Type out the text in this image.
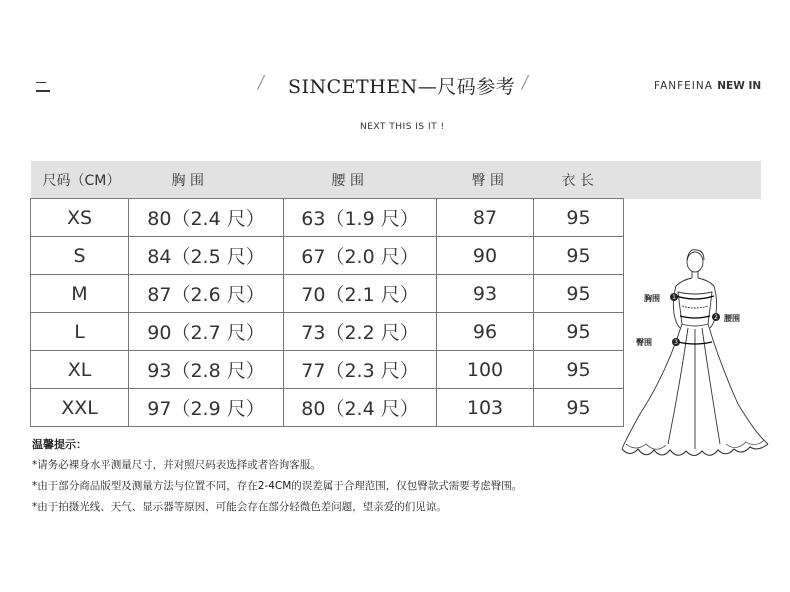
/ SINCETHEN—尺码参考 /	FANFEINA NEW IN
NEXT THIS IS IT !
尺码（CM）	胸 围	腰 围	臀 围	衣 长	
XS	80（2.4 尺）	63（1.9 尺）	87	95	
S	84（2.5 尺）	67（2.0 尺）	90	95	
M	87（2.6 尺）	70（2.1 尺）	93	95	
L	90（2.7 尺）	73（2.2 尺）	96	95	
XL	93（2.8 尺）	77（2.3 尺）	100	95	
XXL	97（2.9 尺）	80（2.4 尺）	103	95	
1
2
3
胸围
腰围
臀围
温馨提示：
*请务必裸身水平测量尺寸，并对照尺码表选择或者咨询客服。
*由于部分商品版型及测量方法与位置不同，存在2-4CM的误差属于合理范围，仅包臀款式需要考虑臀围。
*由于拍摄光线、天气、显示器等原因，可能会存在部分轻微色差问题，望亲爱的们见谅。
